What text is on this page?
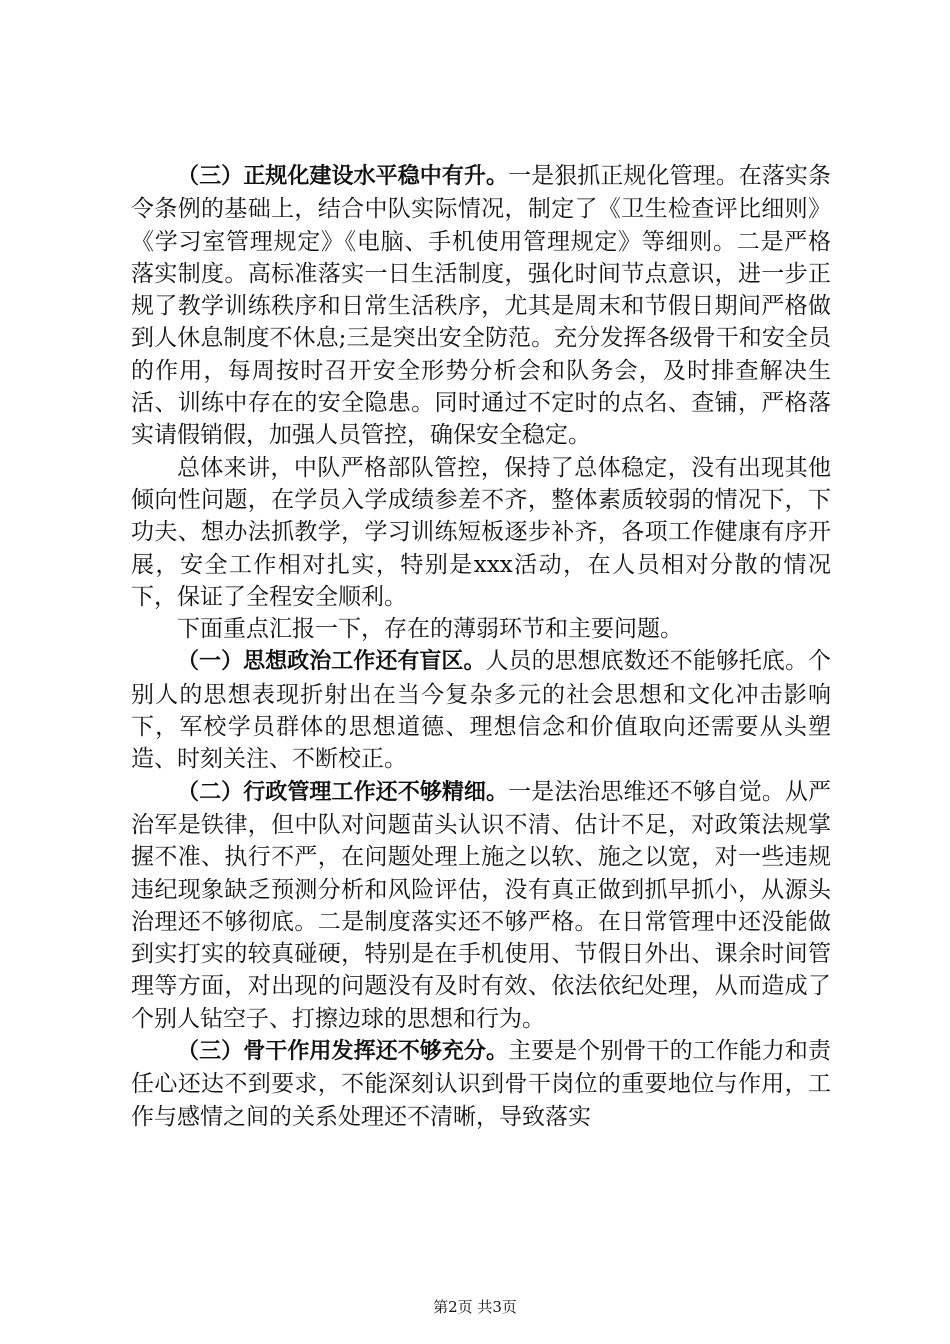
（三）正规化建设水平稳中有升。一是狠抓正规化管理。在落实条令条例的基础上，结合中队实际情况，制定了《卫生检查评比细则》《学习室管理规定》《电脑、手机使用管理规定》等细则。二是严格落实制度。高标准落实一日生活制度，强化时间节点意识，进一步正规了教学训练秩序和日常生活秩序，尤其是周末和节假日期间严格做到人休息制度不休息;三是突出安全防范。充分发挥各级骨干和安全员的作用，每周按时召开安全形势分析会和队务会，及时排查解决生活、训练中存在的安全隐患。同时通过不定时的点名、查铺，严格落实请假销假，加强人员管控，确保安全稳定。

总体来讲，中队严格部队管控，保持了总体稳定，没有出现其他倾向性问题，在学员入学成绩参差不齐，整体素质较弱的情况下，下功夫、想办法抓教学，学习训练短板逐步补齐，各项工作健康有序开展，安全工作相对扎实，特别是xxx活动，在人员相对分散的情况下，保证了全程安全顺利。

下面重点汇报一下，存在的薄弱环节和主要问题。

（一）思想政治工作还有盲区。人员的思想底数还不能够托底。个别人的思想表现折射出在当今复杂多元的社会思想和文化冲击影响下，军校学员群体的思想道德、理想信念和价值取向还需要从头塑造、时刻关注、不断校正。

（二）行政管理工作还不够精细。一是法治思维还不够自觉。从严治军是铁律，但中队对问题苗头认识不清、估计不足，对政策法规掌握不准、执行不严，在问题处理上施之以软、施之以宽，对一些违规违纪现象缺乏预测分析和风险评估，没有真正做到抓早抓小，从源头治理还不够彻底。二是制度落实还不够严格。在日常管理中还没能做到实打实的较真碰硬，特别是在手机使用、节假日外出、课余时间管理等方面，对出现的问题没有及时有效、依法依纪处理，从而造成了个别人钻空子、打擦边球的思想和行为。

（三）骨干作用发挥还不够充分。主要是个别骨干的工作能力和责任心还达不到要求，不能深刻认识到骨干岗位的重要地位与作用，工作与感情之间的关系处理还不清晰，导致落实

第2页 共3页
